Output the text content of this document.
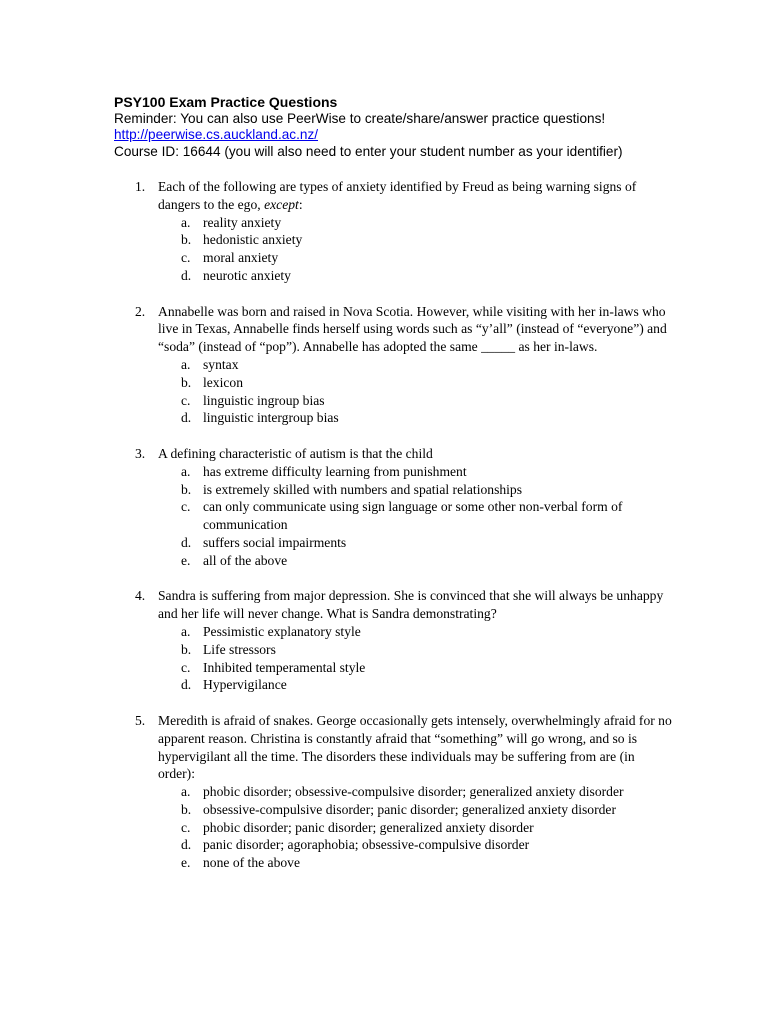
PSY100 Exam Practice Questions
Reminder: You can also use PeerWise to create/share/answer practice questions!
http://peerwise.cs.auckland.ac.nz/
Course ID: 16644 (you will also need to enter your student number as your identifier)
1. Each of the following are types of anxiety identified by Freud as being warning signs of dangers to the ego, except:

a. reality anxiety
b. hedonistic anxiety
c. moral anxiety
d. neurotic anxiety
2. Annabelle was born and raised in Nova Scotia. However, while visiting with her in-laws who live in Texas, Annabelle finds herself using words such as “y’all” (instead of “everyone”) and “soda” (instead of “pop”). Annabelle has adopted the same _____ as her in-laws.

a. syntax
b. lexicon
c. linguistic ingroup bias
d. linguistic intergroup bias
3. A defining characteristic of autism is that the child

a. has extreme difficulty learning from punishment
b. is extremely skilled with numbers and spatial relationships
c. can only communicate using sign language or some other non-verbal form of communication
d. suffers social impairments
e. all of the above
4. Sandra is suffering from major depression. She is convinced that she will always be unhappy and her life will never change. What is Sandra demonstrating?

a. Pessimistic explanatory style
b. Life stressors
c. Inhibited temperamental style
d. Hypervigilance
5. Meredith is afraid of snakes. George occasionally gets intensely, overwhelmingly afraid for no apparent reason. Christina is constantly afraid that “something” will go wrong, and so is hypervigilant all the time. The disorders these individuals may be suffering from are (in order):

a. phobic disorder; obsessive-compulsive disorder; generalized anxiety disorder
b. obsessive-compulsive disorder; panic disorder; generalized anxiety disorder
c. phobic disorder; panic disorder; generalized anxiety disorder
d. panic disorder; agoraphobia; obsessive-compulsive disorder
e. none of the above
